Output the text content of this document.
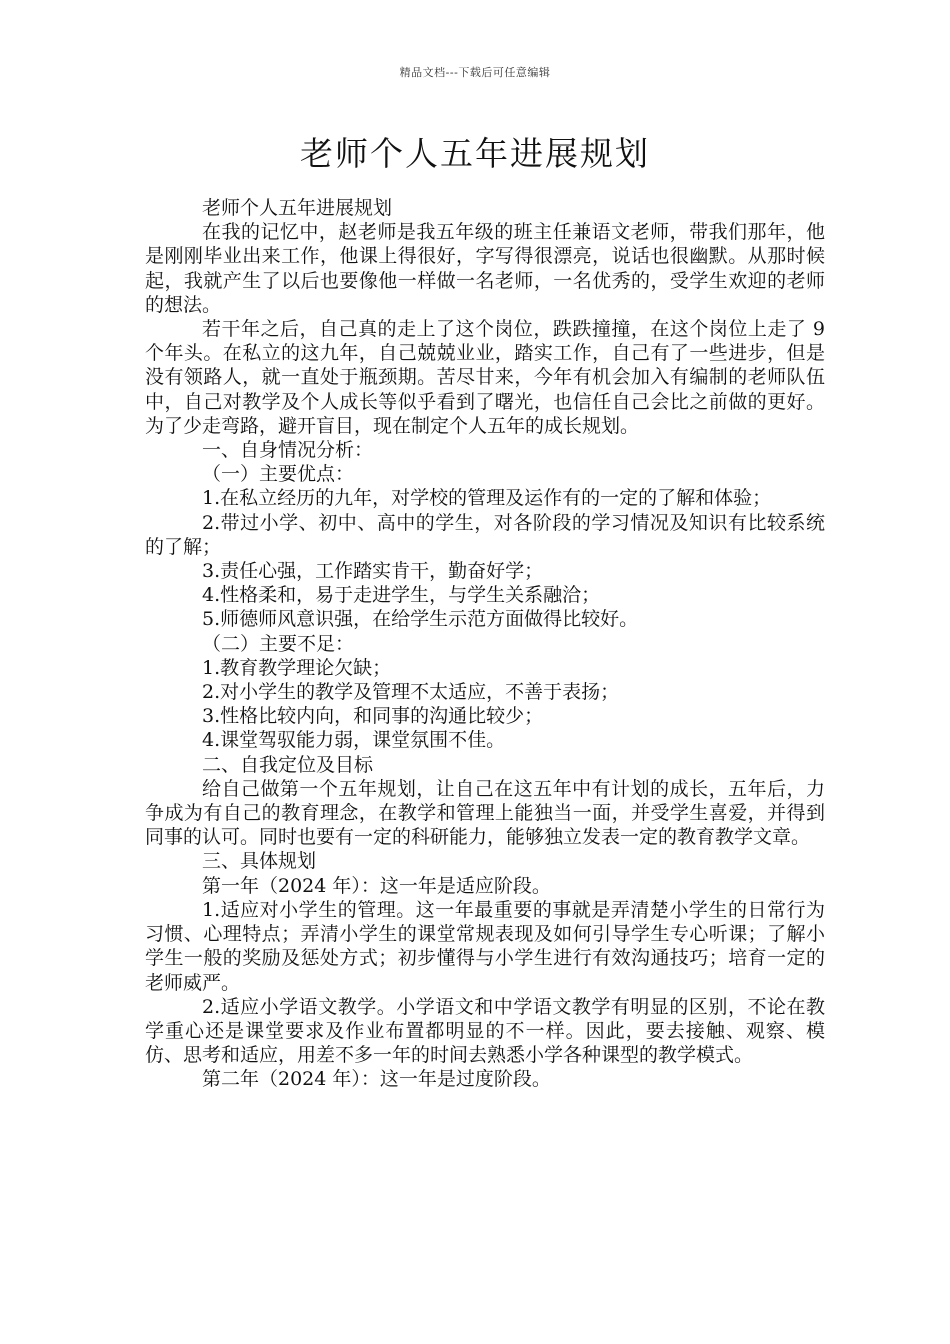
精品文档---下载后可任意编辑
老师个人五年进展规划

老师个人五年进展规划

在我的记忆中，赵老师是我五年级的班主任兼语文老师，带我们那年，他是刚刚毕业出来工作，他课上得很好，字写得很漂亮，说话也很幽默。从那时候起，我就产生了以后也要像他一样做一名老师，一名优秀的，受学生欢迎的老师的想法。

若干年之后，自己真的走上了这个岗位，跌跌撞撞，在这个岗位上走了 9 个年头。在私立的这九年，自己兢兢业业，踏实工作，自己有了一些进步，但是没有领路人，就一直处于瓶颈期。苦尽甘来，今年有机会加入有编制的老师队伍中，自己对教学及个人成长等似乎看到了曙光，也信任自己会比之前做的更好。为了少走弯路，避开盲目，现在制定个人五年的成长规划。

一、自身情况分析：

（一）主要优点：

1.在私立经历的九年，对学校的管理及运作有的一定的了解和体验；

2.带过小学、初中、高中的学生，对各阶段的学习情况及知识有比较系统的了解；

3.责任心强，工作踏实肯干，勤奋好学；

4.性格柔和，易于走进学生，与学生关系融洽；

5.师德师风意识强，在给学生示范方面做得比较好。

（二）主要不足：

1.教育教学理论欠缺；

2.对小学生的教学及管理不太适应，不善于表扬；

3.性格比较内向，和同事的沟通比较少；

4.课堂驾驭能力弱，课堂氛围不佳。

二、自我定位及目标

给自己做第一个五年规划，让自己在这五年中有计划的成长，五年后，力争成为有自己的教育理念，在教学和管理上能独当一面，并受学生喜爱，并得到同事的认可。同时也要有一定的科研能力，能够独立发表一定的教育教学文章。

三、具体规划

第一年（2024 年）：这一年是适应阶段。

1.适应对小学生的管理。这一年最重要的事就是弄清楚小学生的日常行为习惯、心理特点；弄清小学生的课堂常规表现及如何引导学生专心听课；了解小学生一般的奖励及惩处方式；初步懂得与小学生进行有效沟通技巧；培育一定的老师威严。

2.适应小学语文教学。小学语文和中学语文教学有明显的区别，不论在教学重心还是课堂要求及作业布置都明显的不一样。因此，要去接触、观察、模仿、思考和适应，用差不多一年的时间去熟悉小学各种课型的教学模式。

第二年（2024 年）：这一年是过度阶段。
